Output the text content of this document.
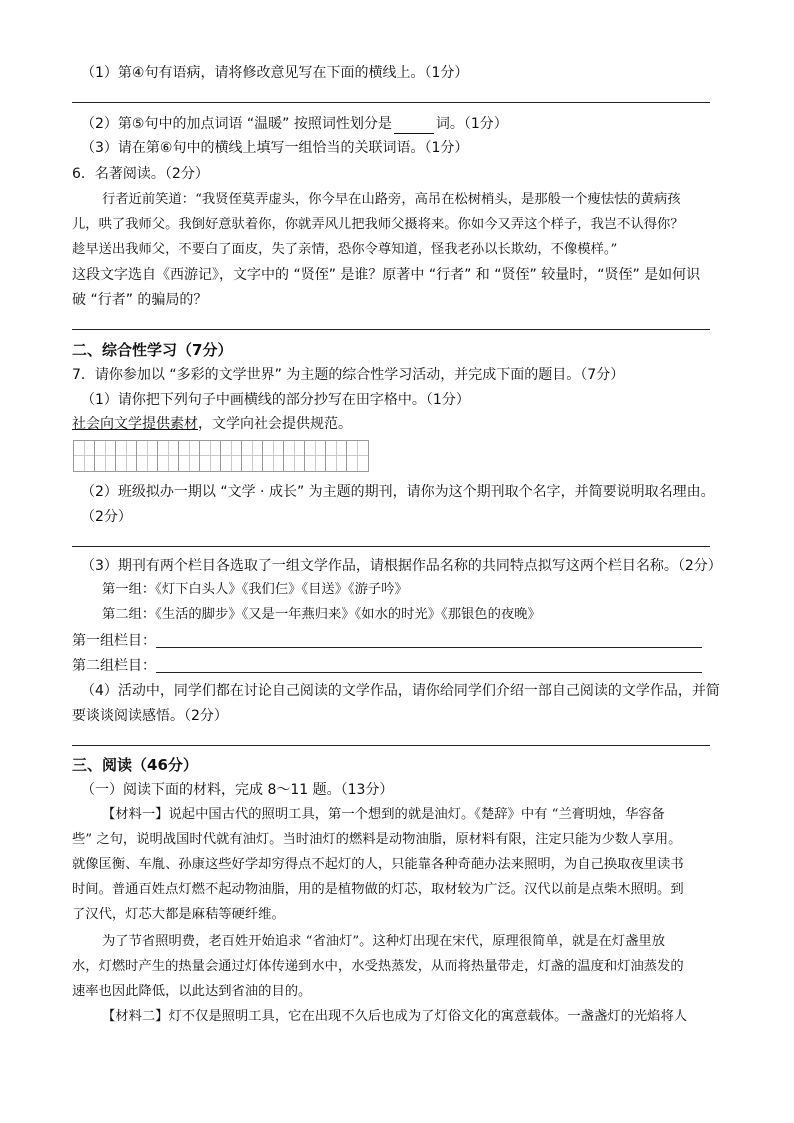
（1）第④句有语病，请将修改意见写在下面的横线上。（1分）
（2）第⑤句中的加点词语 “温暖” 按照词性划分是	词。（1分）
（3）请在第⑥句中的横线上填写一组恰当的关联词语。（1分）
6．名著阅读。（2分）
行者近前笑道：“我贤侄莫弄虚头，你今早在山路旁，高吊在松树梢头，是那般一个瘦怯怯的黄病孩
儿，哄了我师父。我倒好意驮着你，你就弄风儿把我师父摄将来。你如今又弄这个样子，我岂不认得你？
趁早送出我师父，不要白了面皮，失了亲情，恐你令尊知道，怪我老孙以长欺幼，不像模样。”
这段文字选自《西游记》，文字中的 “贤侄” 是谁？原著中 “行者” 和 “贤侄” 较量时，“贤侄” 是如何识
破 “行者” 的骗局的？
二、综合性学习（7分）
7．请你参加以 “多彩的文学世界” 为主题的综合性学习活动，并完成下面的题目。（7分）
（1）请你把下列句子中画横线的部分抄写在田字格中。（1分）
社会向文学提供素材，文学向社会提供规范。
（2）班级拟办一期以 “文学 · 成长” 为主题的期刊，请你为这个期刊取个名字，并简要说明取名理由。
（2分）
（3）期刊有两个栏目各选取了一组文学作品，请根据作品名称的共同特点拟写这两个栏目名称。（2分）
第一组：《灯下白头人》《我们仨》《目送》《游子吟》
第二组：《生活的脚步》《又是一年燕归来》《如水的时光》《那银色的夜晚》
第一组栏目：
第二组栏目：
（4）活动中，同学们都在讨论自己阅读的文学作品，请你给同学们介绍一部自己阅读的文学作品，并简
要谈谈阅读感悟。（2分）
三、阅读（46分）
（一）阅读下面的材料，完成 8～11 题。（13分）
【材料一】说起中国古代的照明工具，第一个想到的就是油灯。《楚辞》中有 “兰膏明烛，华容备
些” 之句，说明战国时代就有油灯。当时油灯的燃料是动物油脂，原材料有限，注定只能为少数人享用。
就像匡衡、车胤、孙康这些好学却穷得点不起灯的人，只能靠各种奇葩办法来照明，为自己换取夜里读书
时间。普通百姓点灯燃不起动物油脂，用的是植物做的灯芯，取材较为广泛。汉代以前是点柴木照明。到
了汉代，灯芯大都是麻秸等硬纤维。
为了节省照明费，老百姓开始追求 “省油灯”。这种灯出现在宋代，原理很简单，就是在灯盏里放
水，灯燃时产生的热量会通过灯体传递到水中，水受热蒸发，从而将热量带走，灯盏的温度和灯油蒸发的
速率也因此降低，以此达到省油的目的。
【材料二】灯不仅是照明工具，它在出现不久后也成为了灯俗文化的寓意载体。一盏盏灯的光焰将人
